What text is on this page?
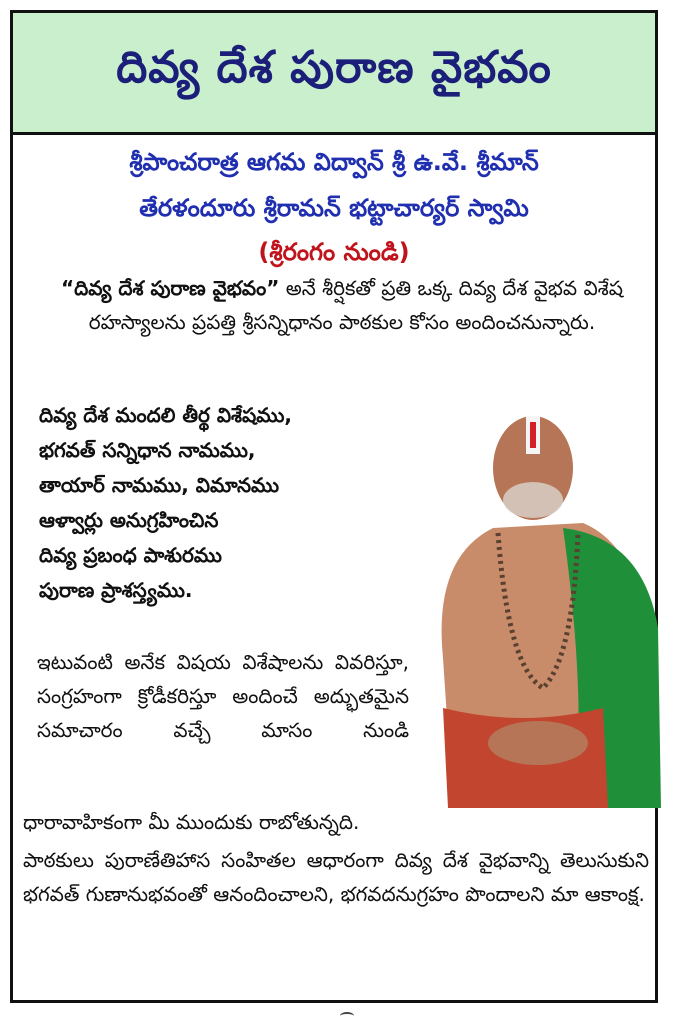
దివ్య దేశ పురాణ వైభవం
శ్రీపాంచరాత్ర ఆగమ విద్వాన్ శ్రీ ఉ.వే. శ్రీమాన్
తేరళందూరు శ్రీరామన్ భట్టాచార్యర్ స్వామి
(శ్రీరంగం నుండి)
“దివ్య దేశ పురాణ వైభవం” అనే శీర్షికతో ప్రతి ఒక్క దివ్య దేశ వైభవ విశేష రహస్యాలను ప్రపత్తి శ్రీసన్నిధానం పాఠకుల కోసం అందించనున్నారు.
దివ్య దేశ మందలి తీర్థ విశేషము,
భగవత్ సన్నిధాన నామము,
తాయార్ నామము, విమానము
ఆళ్వార్లు అనుగ్రహించిన
దివ్య ప్రబంధ పాశురము
పురాణ ప్రాశస్త్యము.
ఇటువంటి అనేక విషయ విశేషాలను వివరిస్తూ, సంగ్రహంగా క్రోడీకరిస్తూ అందించే అద్భుతమైన సమాచారం వచ్చే మాసం నుండి
ధారావాహికంగా మీ ముందుకు రాబోతున్నది.
పాఠకులు పురాణేతిహాస సంహితల ఆధారంగా దివ్య దేశ వైభవాన్ని తెలుసుకుని భగవత్ గుణానుభవంతో ఆనందించాలని, భగవదనుగ్రహం పొందాలని మా ఆకాంక్ష.
